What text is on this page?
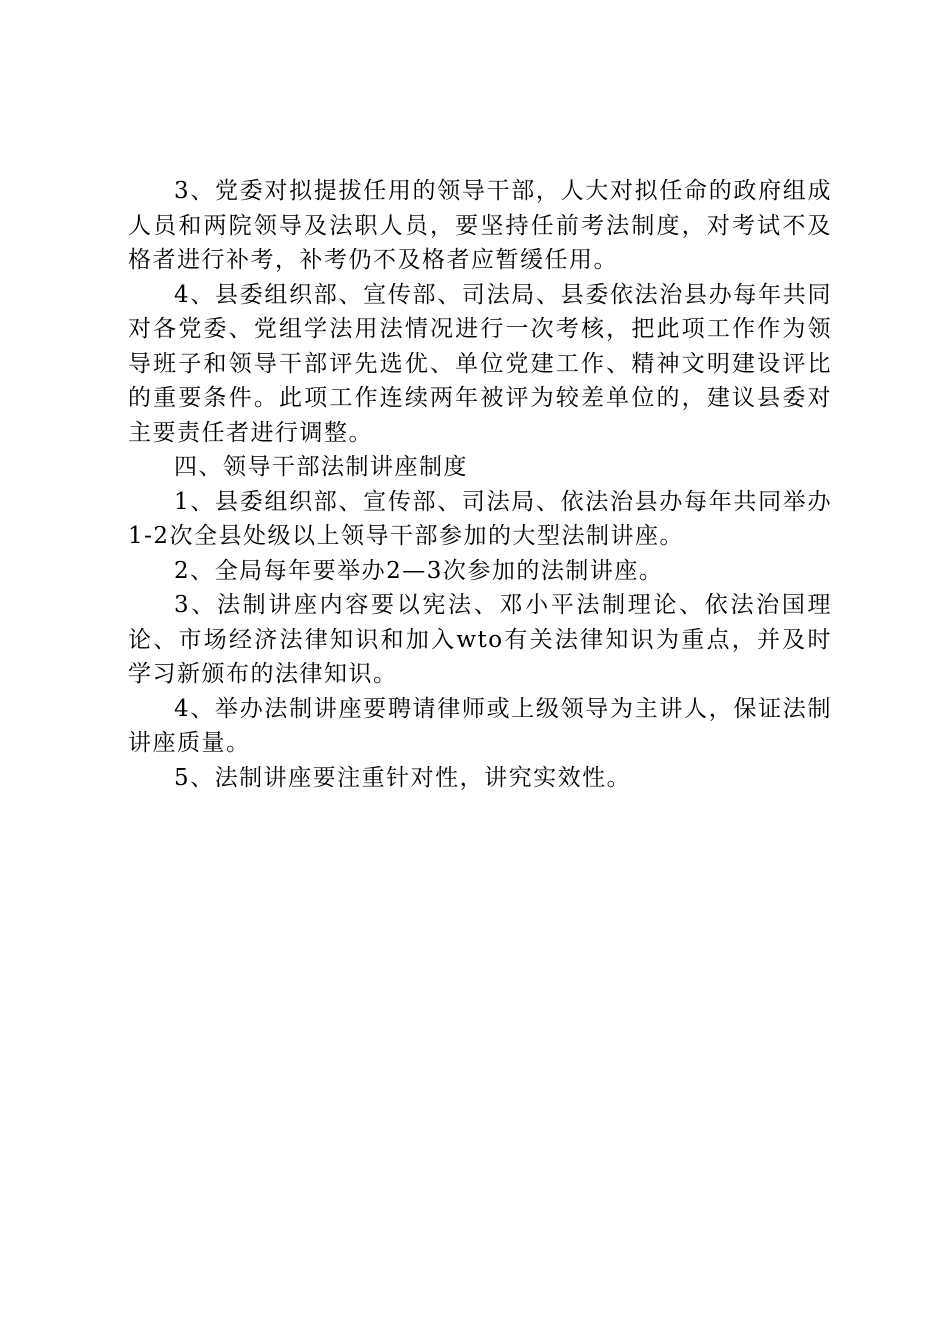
3、党委对拟提拔任用的领导干部，人大对拟任命的政府组成人员和两院领导及法职人员，要坚持任前考法制度，对考试不及格者进行补考，补考仍不及格者应暂缓任用。

4、县委组织部、宣传部、司法局、县委依法治县办每年共同对各党委、党组学法用法情况进行一次考核，把此项工作作为领导班子和领导干部评先选优、单位党建工作、精神文明建设评比的重要条件。此项工作连续两年被评为较差单位的，建议县委对主要责任者进行调整。

四、领导干部法制讲座制度

1、县委组织部、宣传部、司法局、依法治县办每年共同举办1-2次全县处级以上领导干部参加的大型法制讲座。

2、全局每年要举办2—3次参加的法制讲座。

3、法制讲座内容要以宪法、邓小平法制理论、依法治国理论、市场经济法律知识和加入wto有关法律知识为重点，并及时学习新颁布的法律知识。

4、举办法制讲座要聘请律师或上级领导为主讲人，保证法制讲座质量。

5、法制讲座要注重针对性，讲究实效性。
